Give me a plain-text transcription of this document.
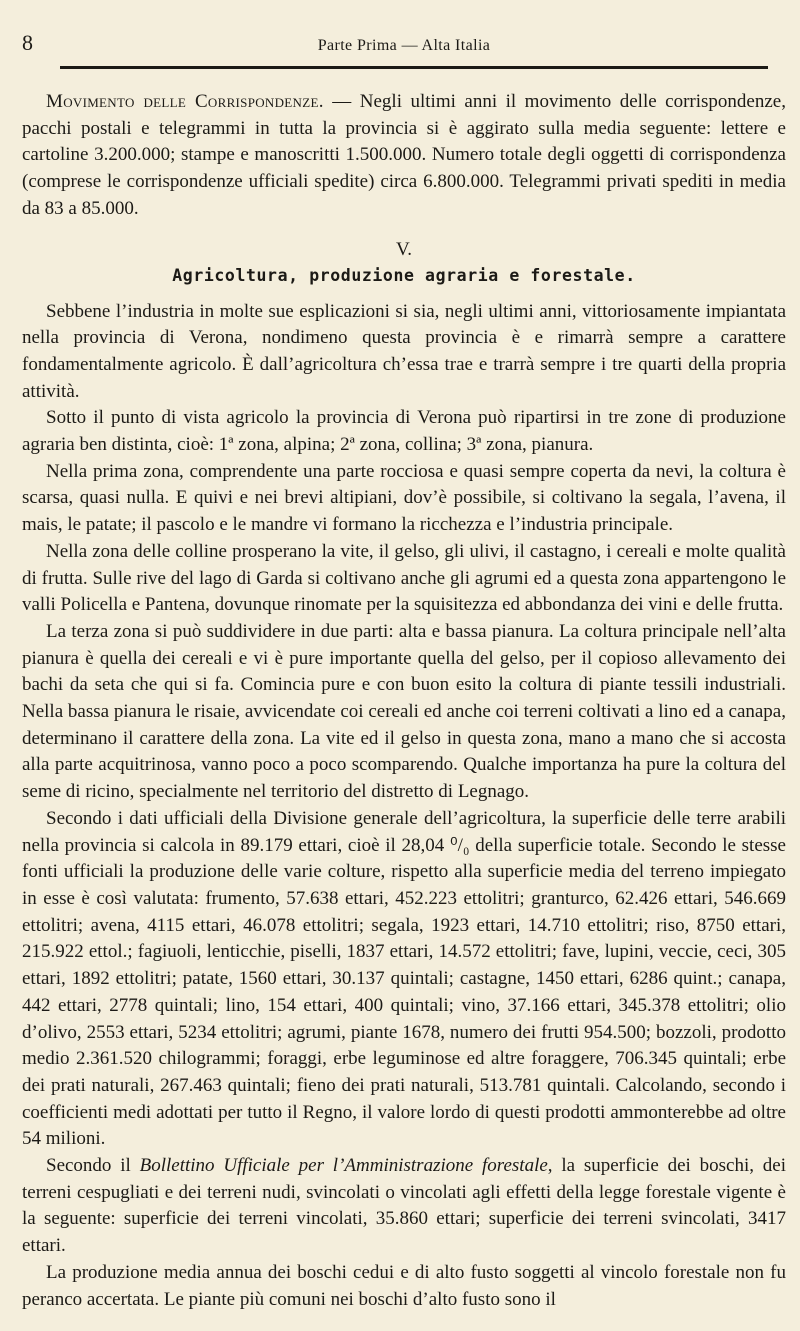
8	Parte Prima — Alta Italia

Movimento delle Corrispondenze. — Negli ultimi anni il movimento delle corrispondenze, pacchi postali e telegrammi in tutta la provincia si è aggirato sulla media seguente: lettere e cartoline 3.200.000; stampe e manoscritti 1.500.000. Numero totale degli oggetti di corrispondenza (comprese le corrispondenze ufficiali spedite) circa 6.800.000. Telegrammi privati spediti in media da 83 a 85.000.

V.
Agricoltura, produzione agraria e forestale.

Sebbene l’industria in molte sue esplicazioni si sia, negli ultimi anni, vittoriosamente impiantata nella provincia di Verona, nondimeno questa provincia è e rimarrà sempre a carattere fondamentalmente agricolo. È dall’agricoltura ch’essa trae e trarrà sempre i tre quarti della propria attività.

Sotto il punto di vista agricolo la provincia di Verona può ripartirsi in tre zone di produzione agraria ben distinta, cioè: 1ª zona, alpina; 2ª zona, collina; 3ª zona, pianura.

Nella prima zona, comprendente una parte rocciosa e quasi sempre coperta da nevi, la coltura è scarsa, quasi nulla. E quivi e nei brevi altipiani, dov’è possibile, si coltivano la segala, l’avena, il mais, le patate; il pascolo e le mandre vi formano la ricchezza e l’industria principale.

Nella zona delle colline prosperano la vite, il gelso, gli ulivi, il castagno, i cereali e molte qualità di frutta. Sulle rive del lago di Garda si coltivano anche gli agrumi ed a questa zona appartengono le valli Policella e Pantena, dovunque rinomate per la squisitezza ed abbondanza dei vini e delle frutta.

La terza zona si può suddividere in due parti: alta e bassa pianura. La coltura principale nell’alta pianura è quella dei cereali e vi è pure importante quella del gelso, per il copioso allevamento dei bachi da seta che qui si fa. Comincia pure e con buon esito la coltura di piante tessili industriali. Nella bassa pianura le risaie, avvicendate coi cereali ed anche coi terreni coltivati a lino ed a canapa, determinano il carattere della zona. La vite ed il gelso in questa zona, mano a mano che si accosta alla parte acquitrinosa, vanno poco a poco scomparendo. Qualche importanza ha pure la coltura del seme di ricino, specialmente nel territorio del distretto di Legnago.

Secondo i dati ufficiali della Divisione generale dell’agricoltura, la superficie delle terre arabili nella provincia si calcola in 89.179 ettari, cioè il 28,04 ⁰/₀ della superficie totale. Secondo le stesse fonti ufficiali la produzione delle varie colture, rispetto alla superficie media del terreno impiegato in esse è così valutata: frumento, 57.638 ettari, 452.223 ettolitri; granturco, 62.426 ettari, 546.669 ettolitri; avena, 4115 ettari, 46.078 ettolitri; segala, 1923 ettari, 14.710 ettolitri; riso, 8750 ettari, 215.922 ettol.; fagiuoli, lenticchie, piselli, 1837 ettari, 14.572 ettolitri; fave, lupini, veccie, ceci, 305 ettari, 1892 ettolitri; patate, 1560 ettari, 30.137 quintali; castagne, 1450 ettari, 6286 quint.; canapa, 442 ettari, 2778 quintali; lino, 154 ettari, 400 quintali; vino, 37.166 ettari, 345.378 ettolitri; olio d’olivo, 2553 ettari, 5234 ettolitri; agrumi, piante 1678, numero dei frutti 954.500; bozzoli, prodotto medio 2.361.520 chilogrammi; foraggi, erbe leguminose ed altre foraggere, 706.345 quintali; erbe dei prati naturali, 267.463 quintali; fieno dei prati naturali, 513.781 quintali. Calcolando, secondo i coefficienti medi adottati per tutto il Regno, il valore lordo di questi prodotti ammonterebbe ad oltre 54 milioni.

Secondo il Bollettino Ufficiale per l’Amministrazione forestale, la superficie dei boschi, dei terreni cespugliati e dei terreni nudi, svincolati o vincolati agli effetti della legge forestale vigente è la seguente: superficie dei terreni vincolati, 35.860 ettari; superficie dei terreni svincolati, 3417 ettari.

La produzione media annua dei boschi cedui e di alto fusto soggetti al vincolo forestale non fu peranco accertata. Le piante più comuni nei boschi d’alto fusto sono il
